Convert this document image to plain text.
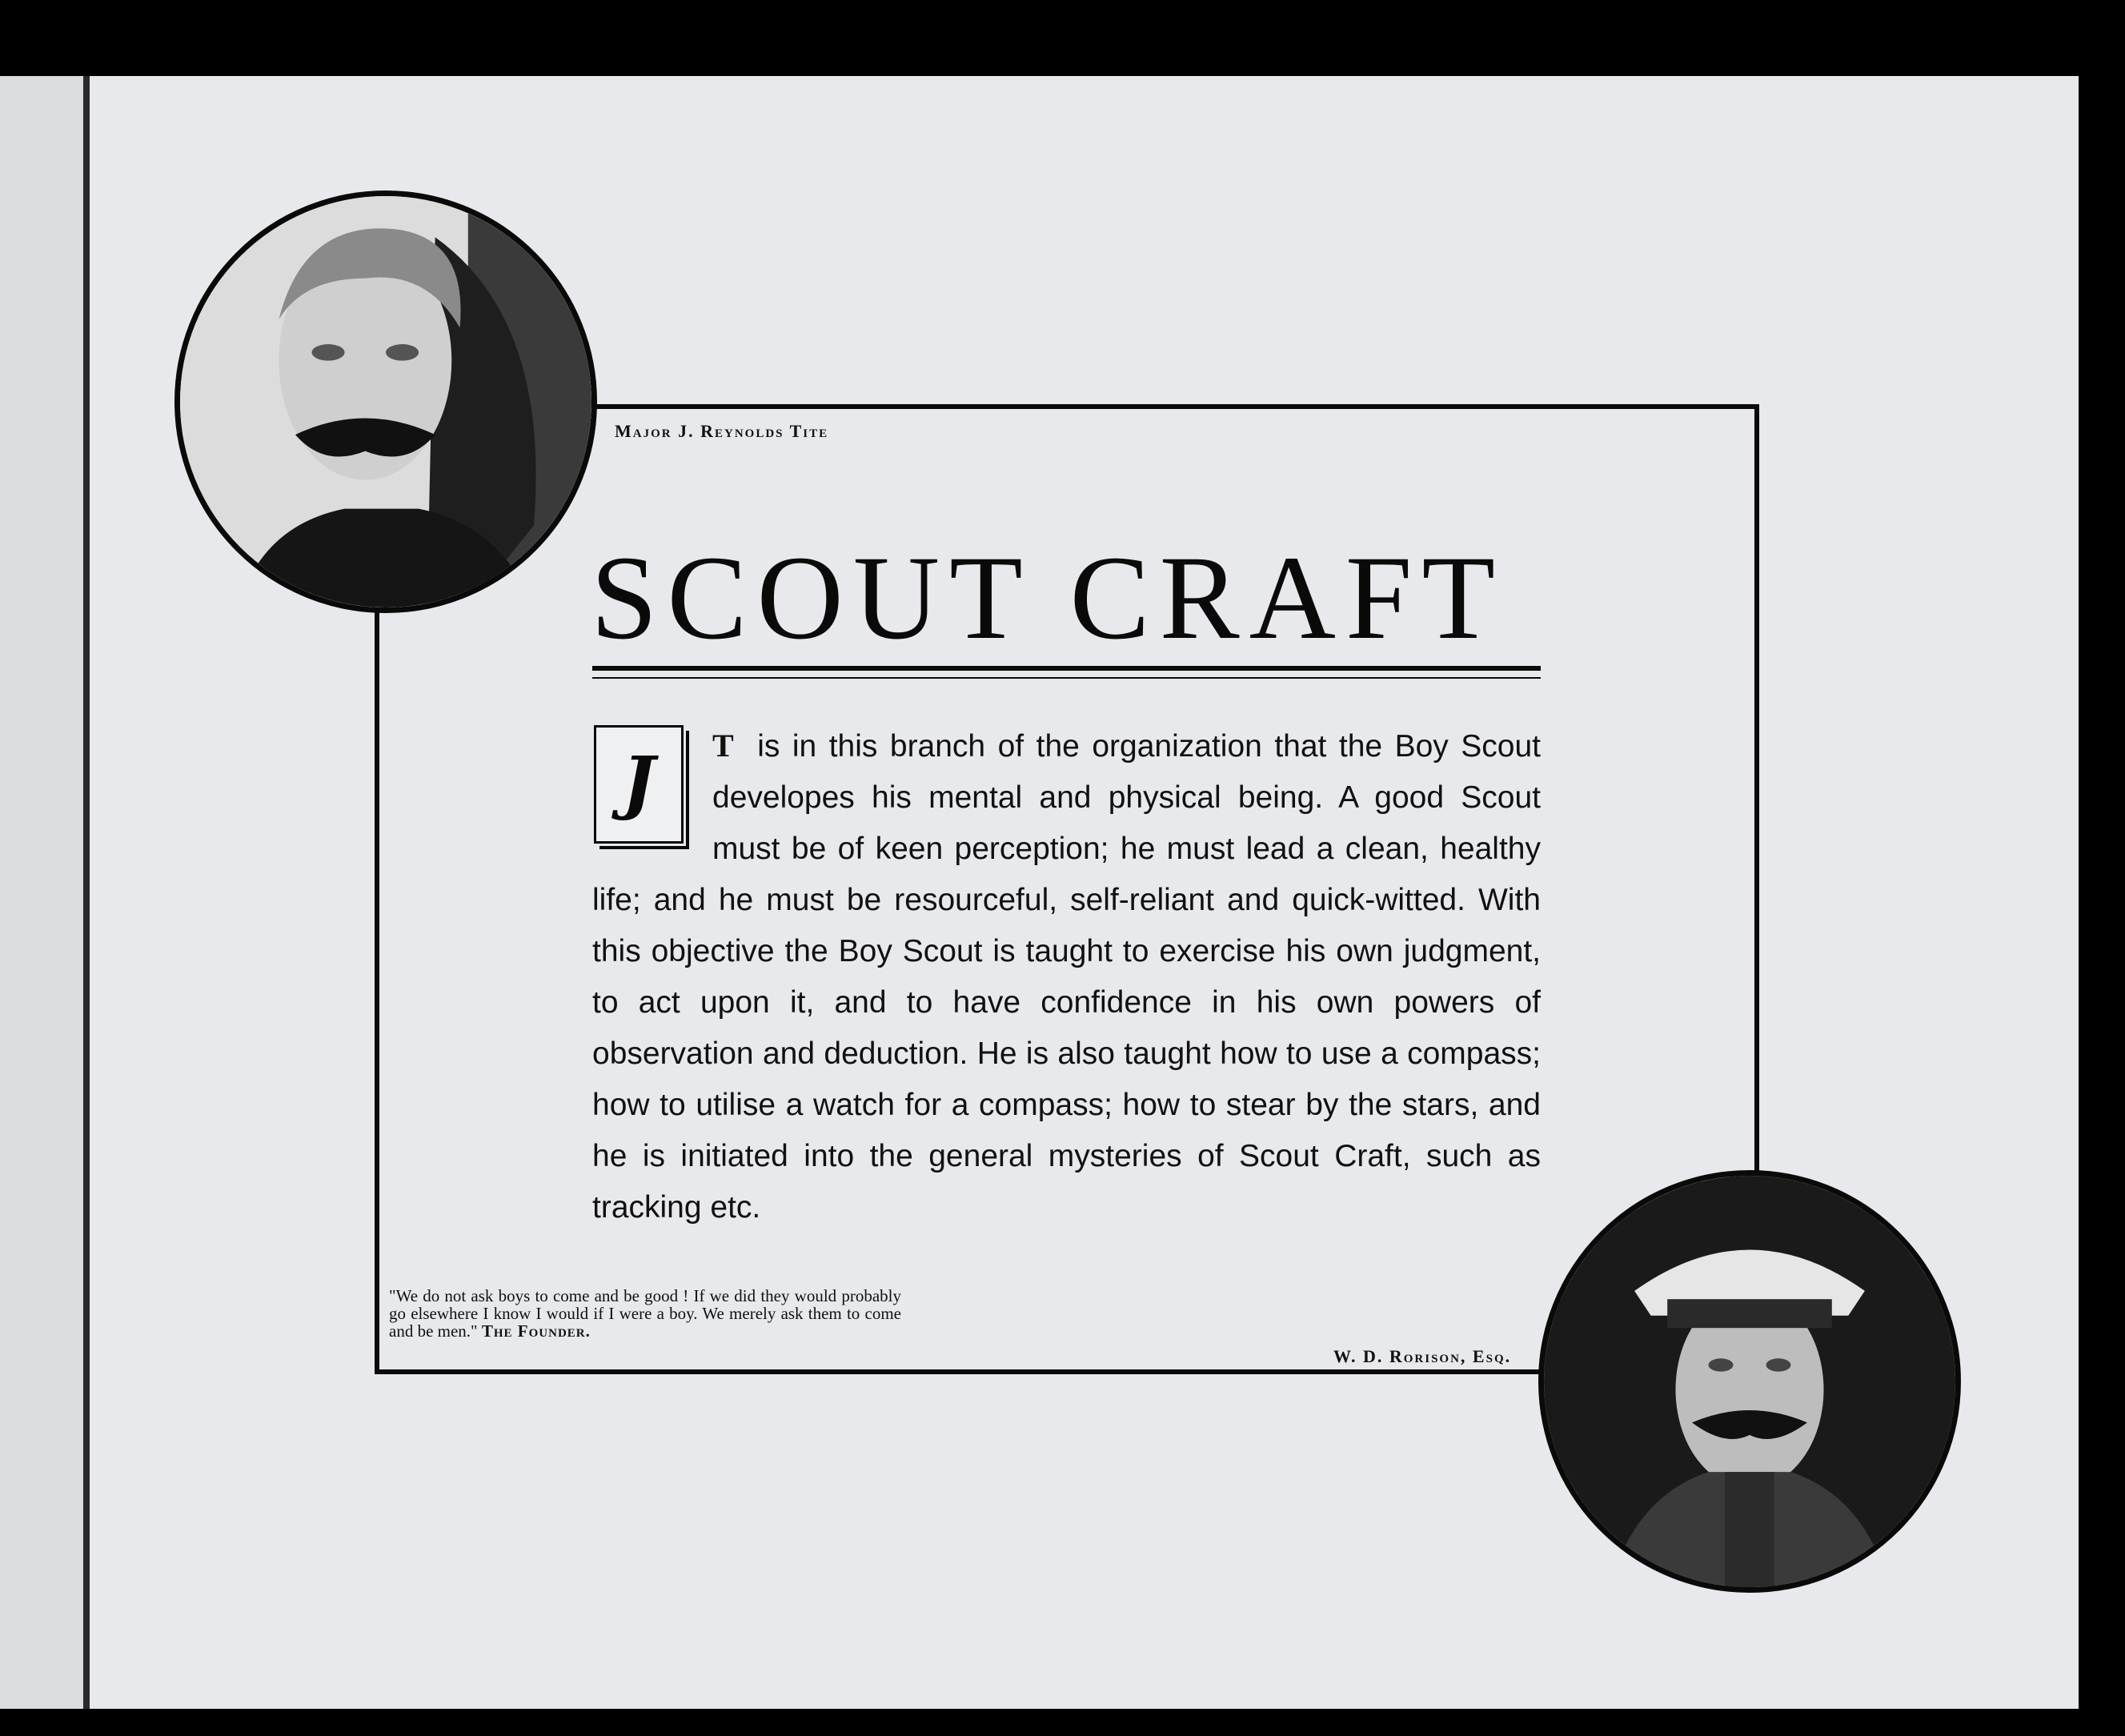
Major J. Reynolds Tite
W. D. Rorison, Esq.
SCOUT CRAFT
J	T is in this branch of the organization that the Boy Scout developes his mental and physical being. A good Scout must be of keen perception; he must lead a clean, healthy life; and he must be resourceful, self-reliant and quick-witted. With this objective the Boy Scout is taught to exercise his own judgment, to act upon it, and to have confidence in his own powers of observation and deduction. He is also taught how to use a compass; how to utilise a watch for a compass; how to stear by the stars, and he is initiated into the general mysteries of Scout Craft, such as tracking etc.
"We do not ask boys to come and be good ! If we did they would probably go elsewhere I know I would if I were a boy. We merely ask them to come and be men." The Founder.
